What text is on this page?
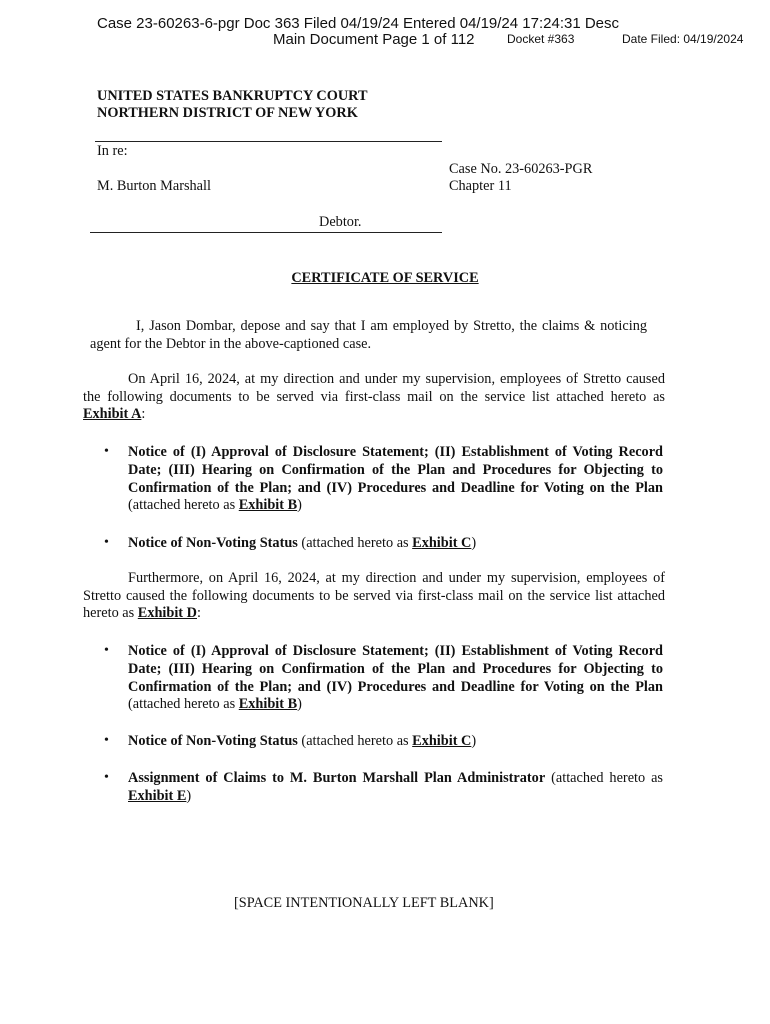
Case 23-60263-6-pgr Doc 363 Filed 04/19/24 Entered 04/19/24 17:24:31 Desc
Main Document Page 1 of 112	Docket #363	Date Filed: 04/19/2024
UNITED STATES BANKRUPTCY COURT
NORTHERN DISTRICT OF NEW YORK
In re:
Case No. 23-60263-PGR
M. Burton Marshall	Chapter 11
Debtor.
CERTIFICATE OF SERVICE
I, Jason Dombar, depose and say that I am employed by Stretto, the claims & noticing agent for the Debtor in the above-captioned case.
On April 16, 2024, at my direction and under my supervision, employees of Stretto caused the following documents to be served via first-class mail on the service list attached hereto as Exhibit A:
• Notice of (I) Approval of Disclosure Statement; (II) Establishment of Voting Record Date; (III) Hearing on Confirmation of the Plan and Procedures for Objecting to Confirmation of the Plan; and (IV) Procedures and Deadline for Voting on the Plan (attached hereto as Exhibit B)
• Notice of Non-Voting Status (attached hereto as Exhibit C)
Furthermore, on April 16, 2024, at my direction and under my supervision, employees of Stretto caused the following documents to be served via first-class mail on the service list attached hereto as Exhibit D:
• Notice of (I) Approval of Disclosure Statement; (II) Establishment of Voting Record Date; (III) Hearing on Confirmation of the Plan and Procedures for Objecting to Confirmation of the Plan; and (IV) Procedures and Deadline for Voting on the Plan (attached hereto as Exhibit B)
• Notice of Non-Voting Status (attached hereto as Exhibit C)
• Assignment of Claims to M. Burton Marshall Plan Administrator (attached hereto as Exhibit E)
[SPACE INTENTIONALLY LEFT BLANK]
